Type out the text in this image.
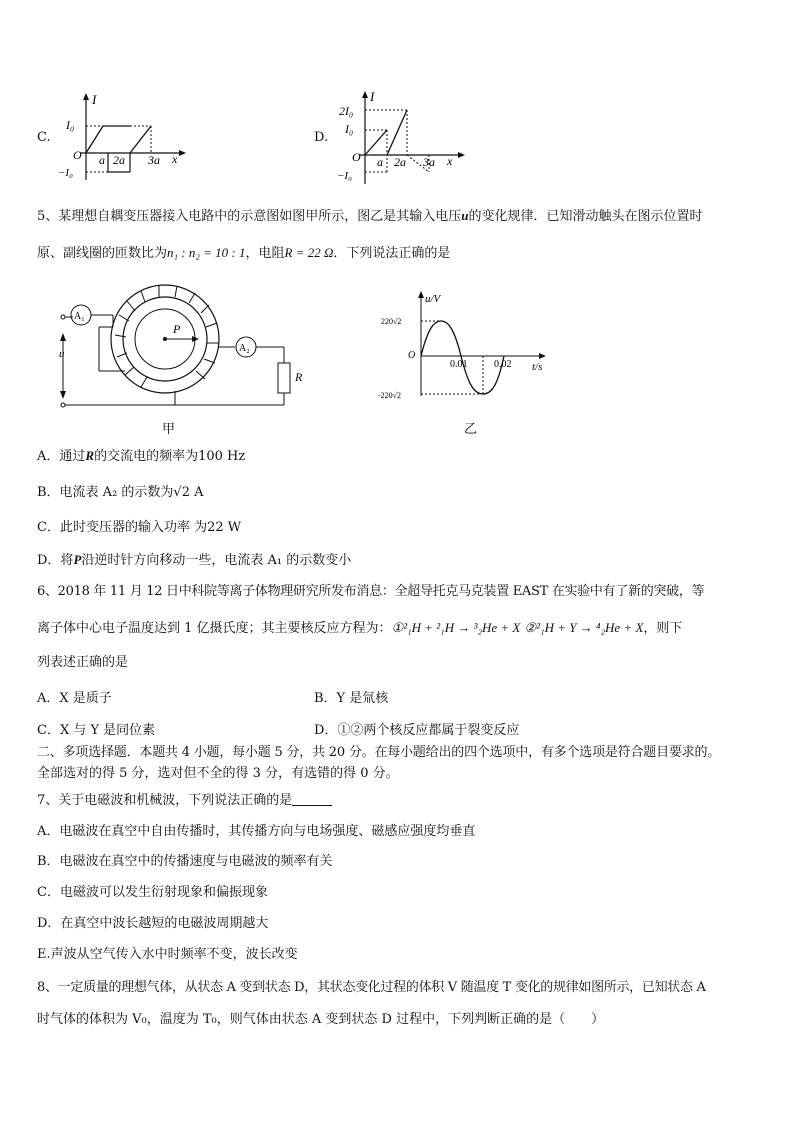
C.
I
I₀
−I₀
O a 2a 3a x
D.
I
2I₀
I₀
−I₀
O a 2a 3a x
5、某理想自耦变压器接入电路中的示意图如图甲所示，图乙是其输入电压u的变化规律．已知滑动触头在图示位置时
原、副线圈的匝数比为n₁ : n₂ = 10 : 1，电阻R = 22 Ω．下列说法正确的是
A₁
u
P
A₂
R
甲
u/V
t/s
O
220√2
-220√2
0.01	0.02
乙
A．通过R的交流电的频率为100 Hz
B．电流表 A₂ 的示数为√2 A
C．此时变压器的输入功率 为22 W
D．将P沿逆时针方向移动一些，电流表 A₁ 的示数变小
6、2018 年 11 月 12 日中科院等离子体物理研究所发布消息：全超导托克马克装置 EAST 在实验中有了新的突破，等
离子体中心电子温度达到 1 亿摄氏度；其主要核反应方程为：①²₁H + ²₁H → ³₂He + X ②²₁H + Y → ⁴₂He + X，则下
列表述正确的是
A．X 是质子	B．Y 是氚核
C．X 与 Y 是同位素	D．①②两个核反应都属于裂变反应
二、多项选择题．本题共 4 小题，每小题 5 分，共 20 分。在每小题给出的四个选项中，有多个选项是符合题目要求的。
全部选对的得 5 分，选对但不全的得 3 分，有选错的得 0 分。
7、关于电磁波和机械波，下列说法正确的是
A．电磁波在真空中自由传播时，其传播方向与电场强度、磁感应强度均垂直
B．电磁波在真空中的传播速度与电磁波的频率有关
C．电磁波可以发生衍射现象和偏振现象
D．在真空中波长越短的电磁波周期越大
E.声波从空气传入水中时频率不变，波长改变
8、一定质量的理想气体，从状态 A 变到状态 D，其状态变化过程的体积 V 随温度 T 变化的规律如图所示，已知状态 A
时气体的体积为 V₀，温度为 T₀，则气体由状态 A 变到状态 D 过程中，下列判断正确的是（　　）
